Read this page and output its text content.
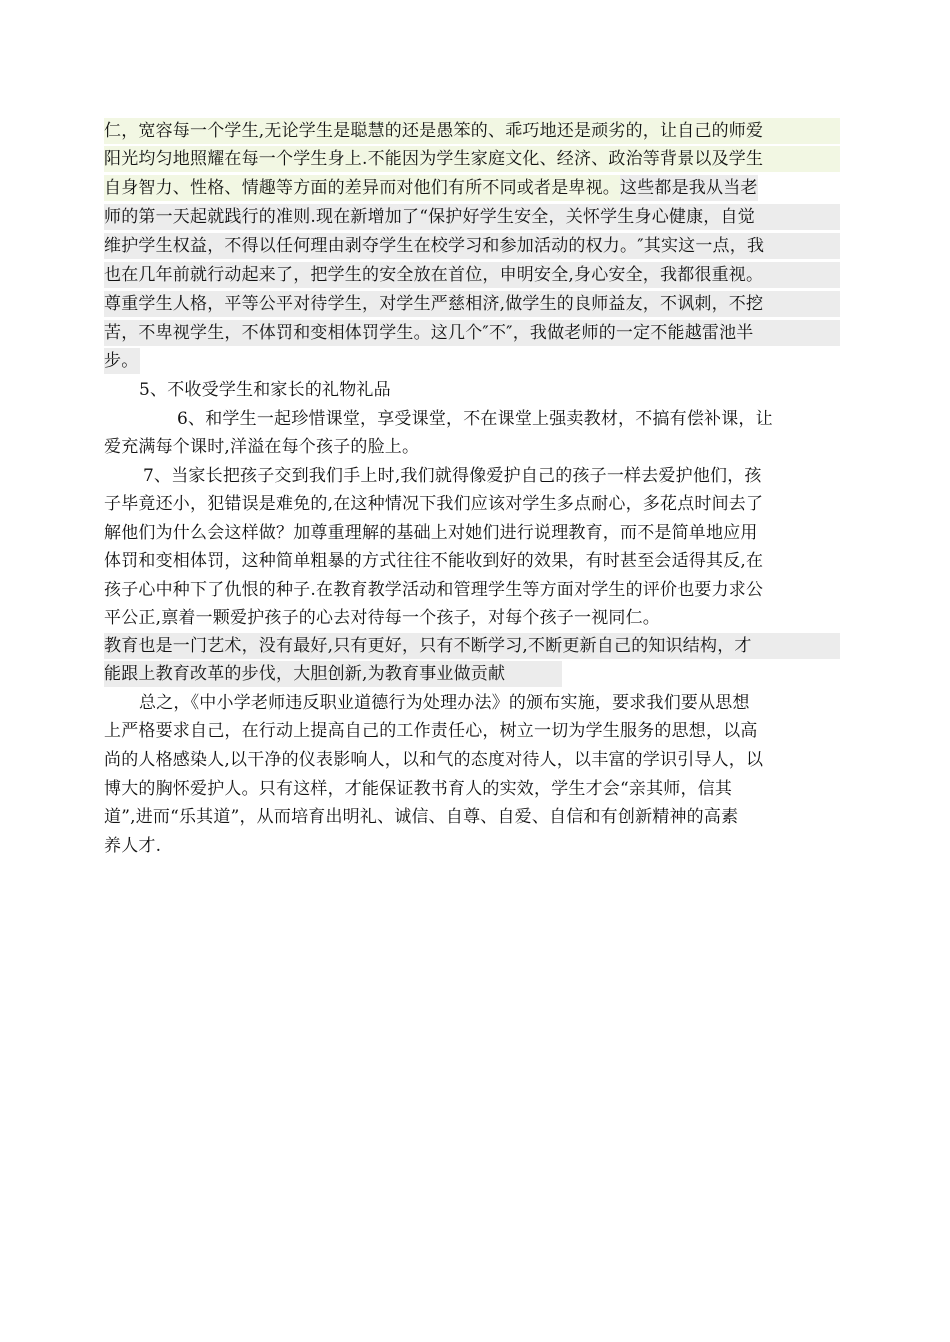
仁，宽容每一个学生,无论学生是聪慧的还是愚笨的、乖巧地还是顽劣的，让自己的师爱
阳光均匀地照耀在每一个学生身上.不能因为学生家庭文化、经济、政治等背景以及学生
自身智力、性格、情趣等方面的差异而对他们有所不同或者是卑视。这些都是我从当老
师的第一天起就践行的准则.现在新增加了“保护好学生安全，关怀学生身心健康，自觉
维护学生权益，不得以任何理由剥夺学生在校学习和参加活动的权力。″其实这一点，我
也在几年前就行动起来了，把学生的安全放在首位，申明安全,身心安全，我都很重视。
尊重学生人格，平等公平对待学生，对学生严慈相济,做学生的良师益友，不讽刺，不挖
苦，不卑视学生，不体罚和变相体罚学生。这几个″不″，我做老师的一定不能越雷池半
步。
5、不收受学生和家长的礼物礼品
6、和学生一起珍惜课堂，享受课堂，不在课堂上强卖教材，不搞有偿补课，让
爱充满每个课时,洋溢在每个孩子的脸上。
7、当家长把孩子交到我们手上时,我们就得像爱护自己的孩子一样去爱护他们，孩
子毕竟还小，犯错误是难免的,在这种情况下我们应该对学生多点耐心，多花点时间去了
解他们为什么会这样做？加尊重理解的基础上对她们进行说理教育，而不是简单地应用
体罚和变相体罚，这种简单粗暴的方式往往不能收到好的效果，有时甚至会适得其反,在
孩子心中种下了仇恨的种子.在教育教学活动和管理学生等方面对学生的评价也要力求公
平公正,禀着一颗爱护孩子的心去对待每一个孩子，对每个孩子一视同仁。
教育也是一门艺术，没有最好,只有更好，只有不断学习,不断更新自己的知识结构，才
能跟上教育改革的步伐，大胆创新,为教育事业做贡献
总之，《中小学老师违反职业道德行为处理办法》的颁布实施，要求我们要从思想
上严格要求自己，在行动上提高自己的工作责任心，树立一切为学生服务的思想，以高
尚的人格感染人,以干净的仪表影响人，以和气的态度对待人，以丰富的学识引导人，以
博大的胸怀爱护人。只有这样，才能保证教书育人的实效，学生才会“亲其师，信其
道”,进而“乐其道”，从而培育出明礼、诚信、自尊、自爱、自信和有创新精神的高素
养人才.
